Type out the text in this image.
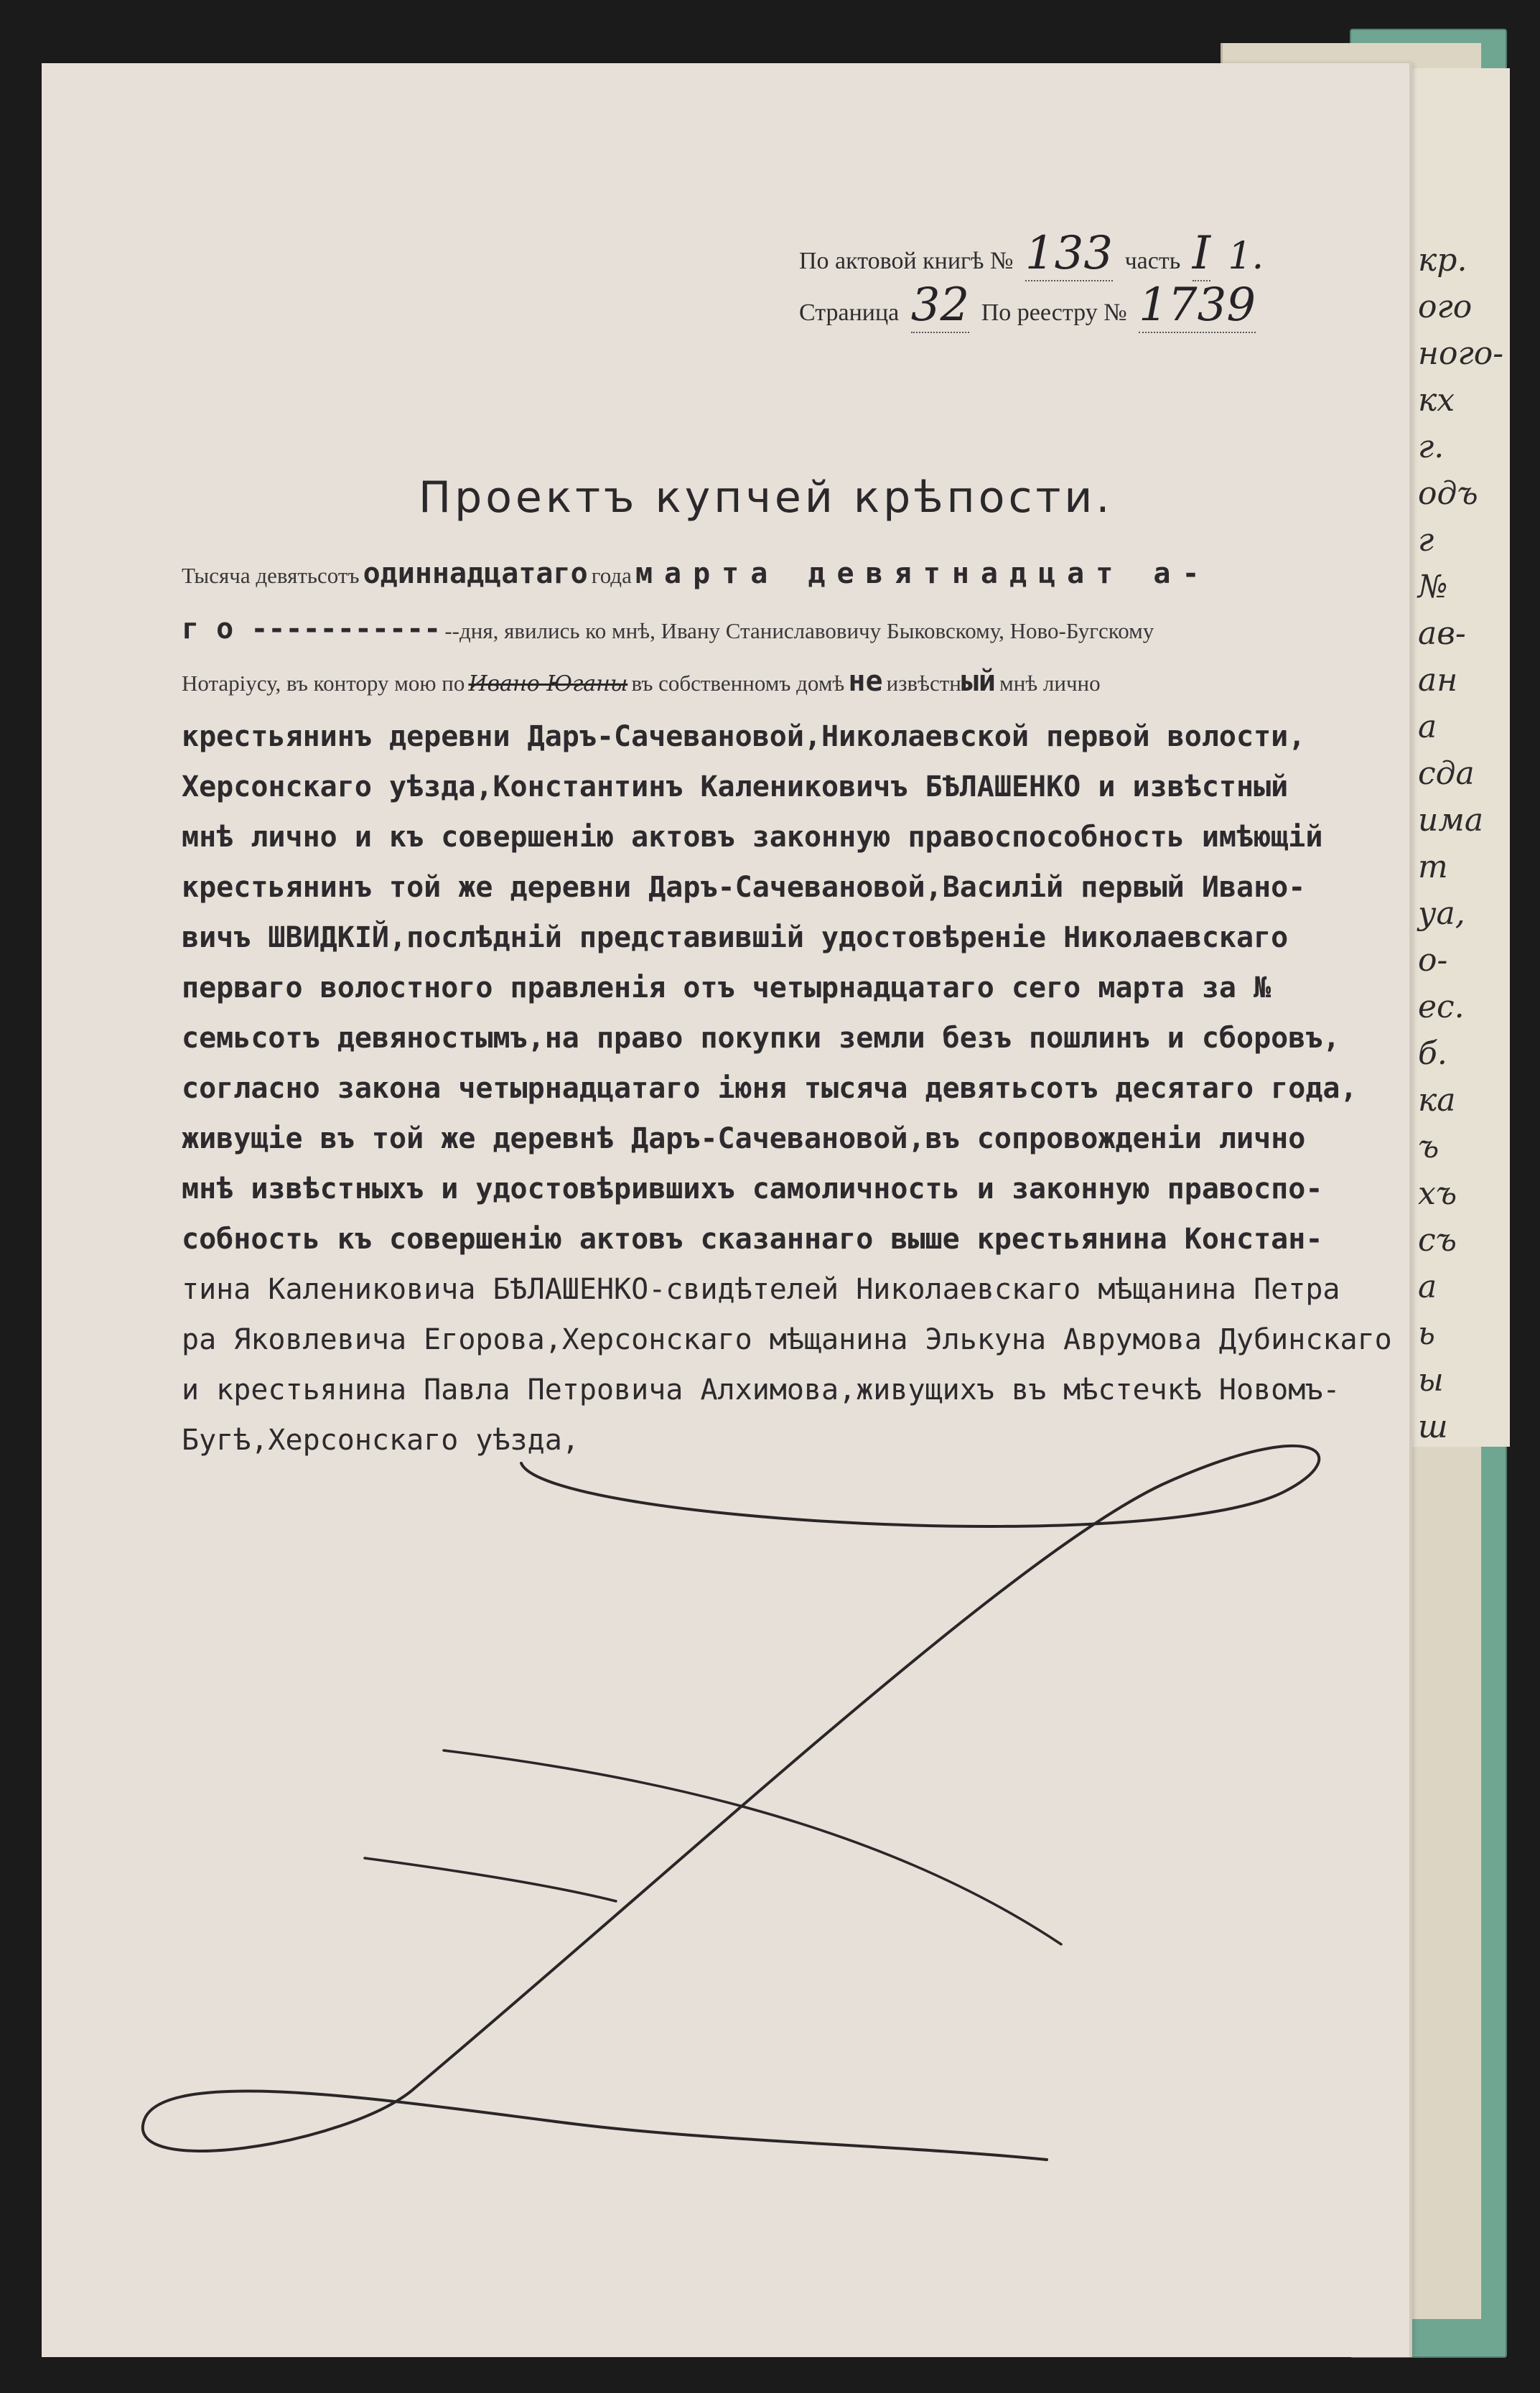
кр.
ого
ного-
кх
г.
одъ
г
№
ав-
ан
а
сда
има
т
уа,
о-
ес.
б.
ка
ъ
хъ
съ
а
ь
ы
ш
По актовой книгѣ № 133 часть I 1.
Страница 32 По реестру № 1739
Проектъ купчей крѣпости.
Тысяча девятьсотъ одиннадцатаго года марта девятнадцат а-
г о ----------- --дня, явились ко мнѣ, Ивану Станиславовичу Быковскому, Ново-Бугскому
Нотаріусу, въ контору мою по Ивано Юганы въ собственномъ домѣ не извѣстный мнѣ лично
крестьянинъ деревни Даръ-Сачевановой,Николаевской первой волости,
Херсонскаго уѣзда,Константинъ Калениковичъ БѢЛАШЕНКО и извѣстный
мнѣ лично и къ совершенію актовъ законную правоспособность имѣющій
крестьянинъ той же деревни Даръ-Сачевановой,Василій первый Ивано-
вичъ ШВИДКІЙ,послѣдній представившій удостовѣреніе Николаевскаго
перваго волостного правленія отъ четырнадцатаго сего марта за №
семьсотъ девяностымъ,на право покупки земли безъ пошлинъ и сборовъ,
согласно закона четырнадцатаго іюня тысяча девятьсотъ десятаго года,
живущіе въ той же деревнѣ Даръ-Сачевановой,въ сопровожденіи лично
мнѣ извѣстныхъ и удостовѣрившихъ самоличность и законную правоспо-
собность къ совершенію актовъ сказаннаго выше крестьянина Констан-
тина Калениковича БѢЛАШЕНКО-свидѣтелей Николаевскаго мѣщанина Петра
ра Яковлевича Егорова,Херсонскаго мѣщанина Элькуна Аврумова Дубинскаго
и крестьянина Павла Петровича Алхимова,живущихъ въ мѣстечкѣ Новомъ-
Бугѣ,Херсонскаго уѣзда,
